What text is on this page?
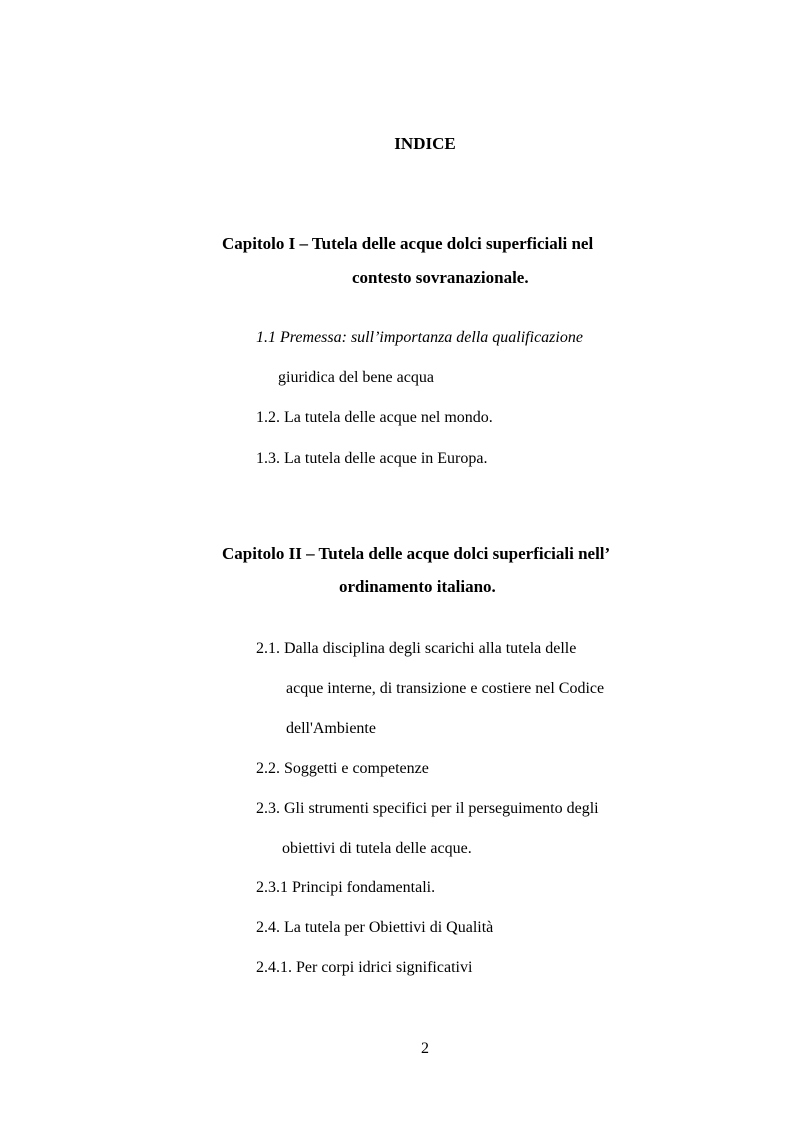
INDICE
Capitolo I – Tutela delle acque dolci superficiali nel
contesto sovranazionale.
1.1 Premessa: sull’importanza della qualificazione
giuridica del bene acqua
1.2. La tutela delle acque nel mondo.
1.3. La tutela delle acque in Europa.
Capitolo II – Tutela delle acque dolci superficiali nell’
ordinamento italiano.
2.1. Dalla disciplina degli scarichi alla tutela delle
acque interne, di transizione e costiere nel Codice
dell'Ambiente
2.2. Soggetti e competenze
2.3. Gli strumenti specifici per il perseguimento degli
obiettivi di tutela delle acque.
2.3.1 Principi fondamentali.
2.4. La tutela per Obiettivi di Qualità
2.4.1. Per corpi idrici significativi
2
